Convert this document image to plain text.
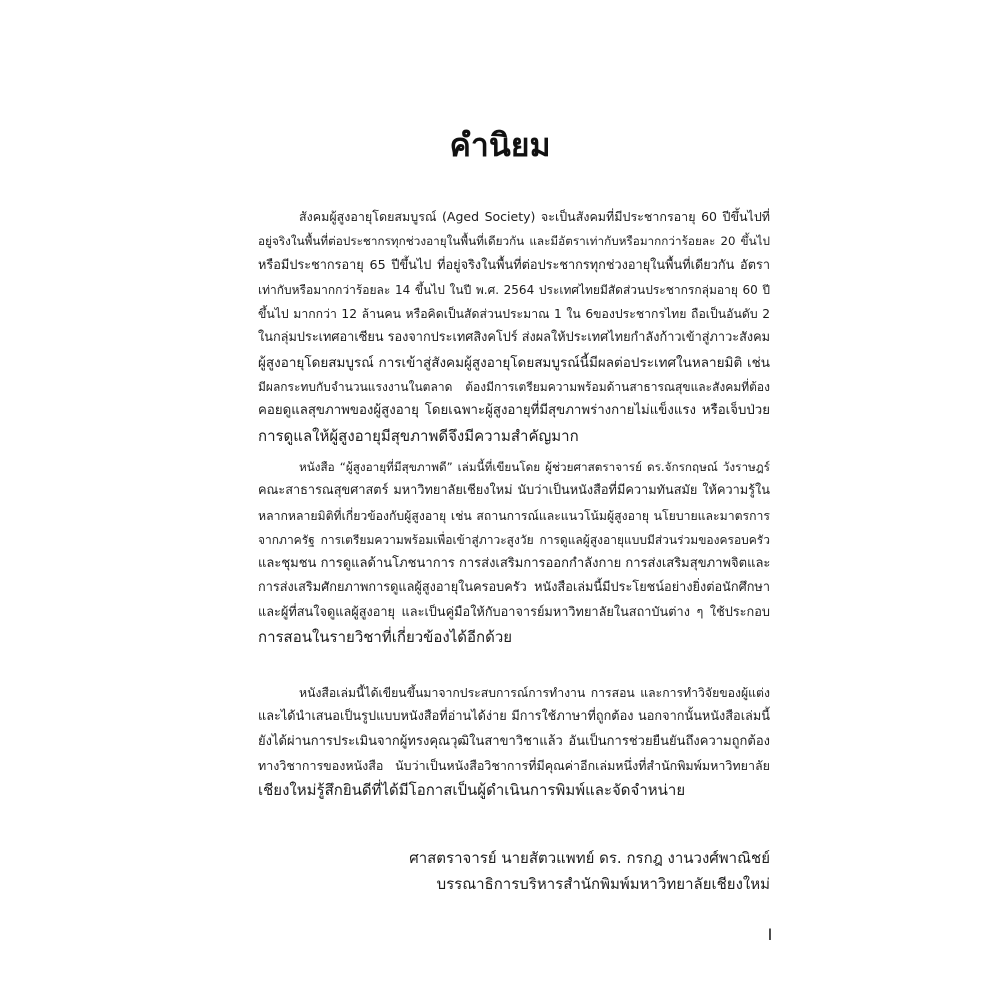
คำนิยม
สังคมผู้สูงอายุโดยสมบูรณ์ (Aged Society) จะเป็นสังคมที่มีประชากรอายุ 60 ปีขึ้นไปที่
อยู่จริงในพื้นที่ต่อประชากรทุกช่วงอายุในพื้นที่เดียวกัน และมีอัตราเท่ากับหรือมากกว่าร้อยละ 20 ขึ้นไป
หรือมีประชากรอายุ 65 ปีขึ้นไป ที่อยู่จริงในพื้นที่ต่อประชากรทุกช่วงอายุในพื้นที่เดียวกัน อัตรา
เท่ากับหรือมากกว่าร้อยละ 14 ขึ้นไป ในปี พ.ศ. 2564 ประเทศไทยมีสัดส่วนประชากรกลุ่มอายุ 60 ปี
ขึ้นไป มากกว่า 12 ล้านคน หรือคิดเป็นสัดส่วนประมาณ 1 ใน 6ของประชากรไทย ถือเป็นอันดับ 2
ในกลุ่มประเทศอาเซียน รองจากประเทศสิงคโปร์ ส่งผลให้ประเทศไทยกำลังก้าวเข้าสู่ภาวะสังคม
ผู้สูงอายุโดยสมบูรณ์ การเข้าสู่สังคมผู้สูงอายุโดยสมบูรณ์นี้มีผลต่อประเทศในหลายมิติ เช่น
มีผลกระทบกับจำนวนแรงงานในตลาด ต้องมีการเตรียมความพร้อมด้านสาธารณสุขและสังคมที่ต้อง
คอยดูแลสุขภาพของผู้สูงอายุ โดยเฉพาะผู้สูงอายุที่มีสุขภาพร่างกายไม่แข็งแรง หรือเจ็บป่วย
การดูแลให้ผู้สูงอายุมีสุขภาพดีจึงมีความสำคัญมาก
หนังสือ “ผู้สูงอายุที่มีสุขภาพดี” เล่มนี้ที่เขียนโดย ผู้ช่วยศาสตราจารย์ ดร.จักรกฤษณ์ วังราษฎร์
คณะสาธารณสุขศาสตร์ มหาวิทยาลัยเชียงใหม่ นับว่าเป็นหนังสือที่มีความทันสมัย ให้ความรู้ใน
หลากหลายมิติที่เกี่ยวข้องกับผู้สูงอายุ เช่น สถานการณ์และแนวโน้มผู้สูงอายุ นโยบายและมาตรการ
จากภาครัฐ การเตรียมความพร้อมเพื่อเข้าสู่ภาวะสูงวัย การดูแลผู้สูงอายุแบบมีส่วนร่วมของครอบครัว
และชุมชน การดูแลด้านโภชนาการ การส่งเสริมการออกกำลังกาย การส่งเสริมสุขภาพจิตและ
การส่งเสริมศักยภาพการดูแลผู้สูงอายุในครอบครัว หนังสือเล่มนี้มีประโยชน์อย่างยิ่งต่อนักศึกษา
และผู้ที่สนใจดูแลผู้สูงอายุ และเป็นคู่มือให้กับอาจารย์มหาวิทยาลัยในสถาบันต่าง ๆ ใช้ประกอบ
การสอนในรายวิชาที่เกี่ยวข้องได้อีกด้วย
หนังสือเล่มนี้ได้เขียนขึ้นมาจากประสบการณ์การทำงาน การสอน และการทำวิจัยของผู้แต่ง
และได้นำเสนอเป็นรูปแบบหนังสือที่อ่านได้ง่าย มีการใช้ภาษาที่ถูกต้อง นอกจากนั้นหนังสือเล่มนี้
ยังได้ผ่านการประเมินจากผู้ทรงคุณวุฒิในสาขาวิชาแล้ว อันเป็นการช่วยยืนยันถึงความถูกต้อง
ทางวิชาการของหนังสือ นับว่าเป็นหนังสือวิชาการที่มีคุณค่าอีกเล่มหนึ่งที่สำนักพิมพ์มหาวิทยาลัย
เชียงใหม่รู้สึกยินดีที่ได้มีโอกาสเป็นผู้ดำเนินการพิมพ์และจัดจำหน่าย
ศาสตราจารย์ นายสัตวแพทย์ ดร. กรกฎ งานวงศ์พาณิชย์
บรรณาธิการบริหารสำนักพิมพ์มหาวิทยาลัยเชียงใหม่
I
